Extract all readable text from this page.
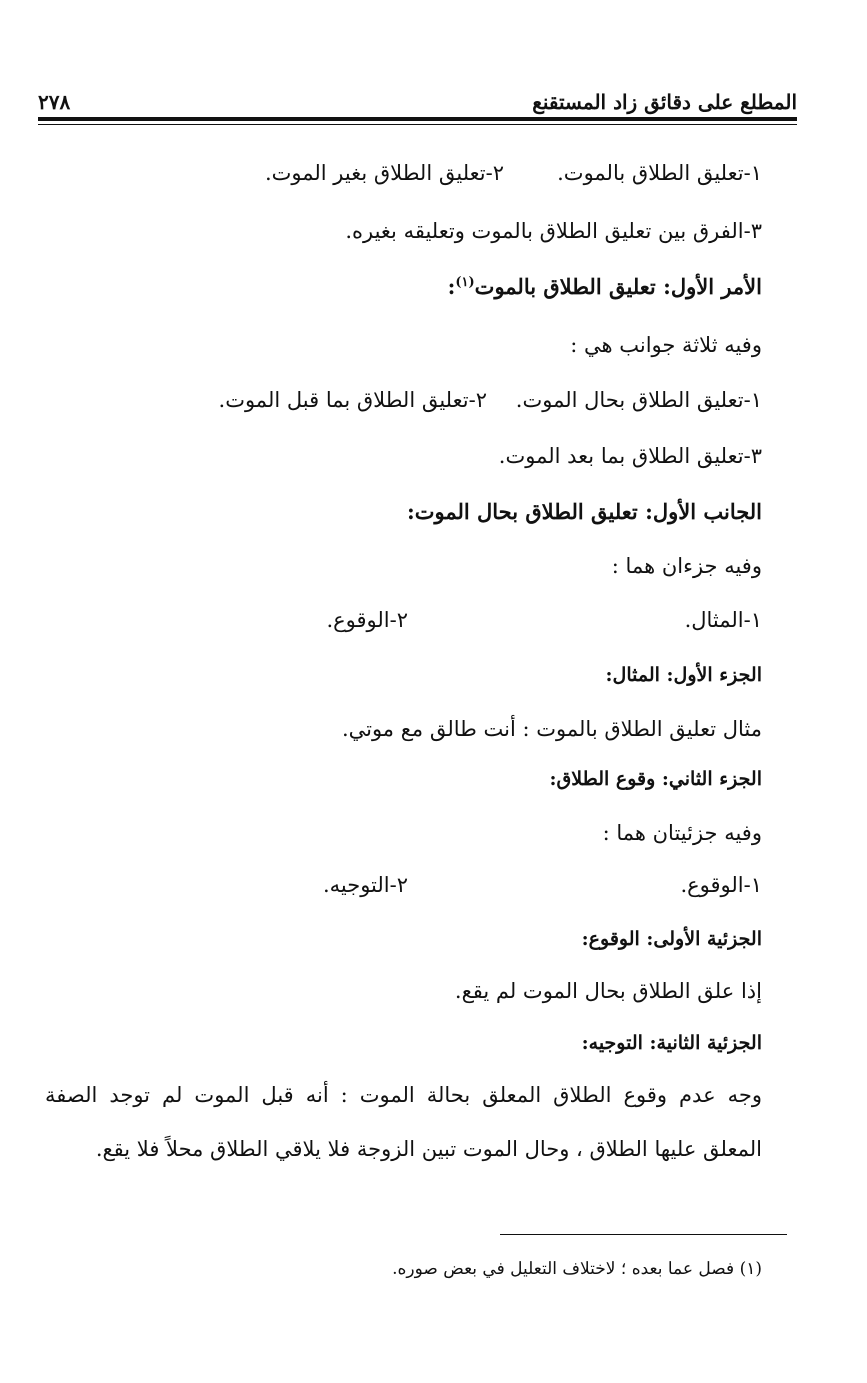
المطلع على دقائق زاد المستقنع
٢٧٨
١-تعليق الطلاق بالموت.
٢-تعليق الطلاق بغير الموت.
٣-الفرق بين تعليق الطلاق بالموت وتعليقه بغيره.
الأمر الأول: تعليق الطلاق بالموت$^{(١)}$:
وفيه ثلاثة جوانب هي :
١-تعليق الطلاق بحال الموت.
٢-تعليق الطلاق بما قبل الموت.
٣-تعليق الطلاق بما بعد الموت.
الجانب الأول: تعليق الطلاق بحال الموت:
وفيه جزءان هما :
١-المثال.
٢-الوقوع.
الجزء الأول: المثال:
مثال تعليق الطلاق بالموت : أنت طالق مع موتي.
الجزء الثاني: وقوع الطلاق:
وفيه جزئيتان هما :
١-الوقوع.
٢-التوجيه.
الجزئية الأولى: الوقوع:
إذا علق الطلاق بحال الموت لم يقع.
الجزئية الثانية: التوجيه:
وجه عدم وقوع الطلاق المعلق بحالة الموت : أنه قبل الموت لم توجد الصفة
المعلق عليها الطلاق ، وحال الموت تبين الزوجة فلا يلاقي الطلاق محلاً فلا يقع.
(١) فصل عما بعده ؛ لاختلاف التعليل في بعض صوره.
